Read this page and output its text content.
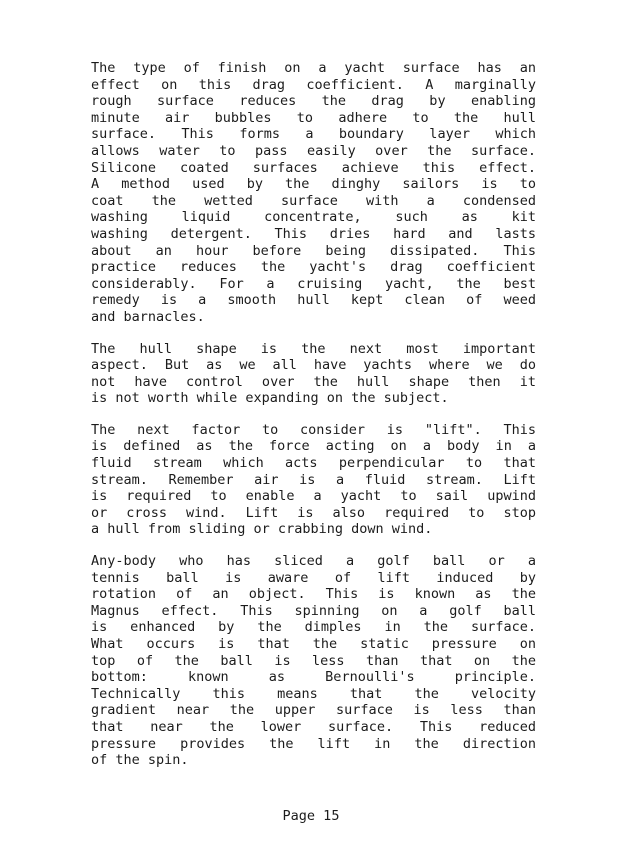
The type of finish on a yacht surface has an
effect on this drag coefficient. A marginally
rough surface reduces the drag by enabling
minute air bubbles to adhere to the hull
surface. This forms a boundary layer which
allows water to pass easily over the surface.
Silicone coated surfaces achieve this effect.
A method used by the dinghy sailors is to
coat the wetted surface with a condensed
washing liquid concentrate, such as kit
washing detergent. This dries hard and lasts
about an hour before being dissipated. This
practice reduces the yacht's drag coefficient
considerably. For a cruising yacht, the best
remedy is a smooth hull kept clean of weed
and barnacles.
The hull shape is the next most important
aspect. But as we all have yachts where we do
not have control over the hull shape then it
is not worth while expanding on the subject.
The next factor to consider is "lift". This
is defined as the force acting on a body in a
fluid stream which acts perpendicular to that
stream. Remember air is a fluid stream. Lift
is required to enable a yacht to sail upwind
or cross wind. Lift is also required to stop
a hull from sliding or crabbing down wind.
Any-body who has sliced a golf ball or a
tennis ball is aware of lift induced by
rotation of an object. This is known as the
Magnus effect. This spinning on a golf ball
is enhanced by the dimples in the surface.
What occurs is that the static pressure on
top of the ball is less than that on the
bottom: known as Bernoulli's principle.
Technically this means that the velocity
gradient near the upper surface is less than
that near the lower surface. This reduced
pressure provides the lift in the direction
of the spin.
Page 15
